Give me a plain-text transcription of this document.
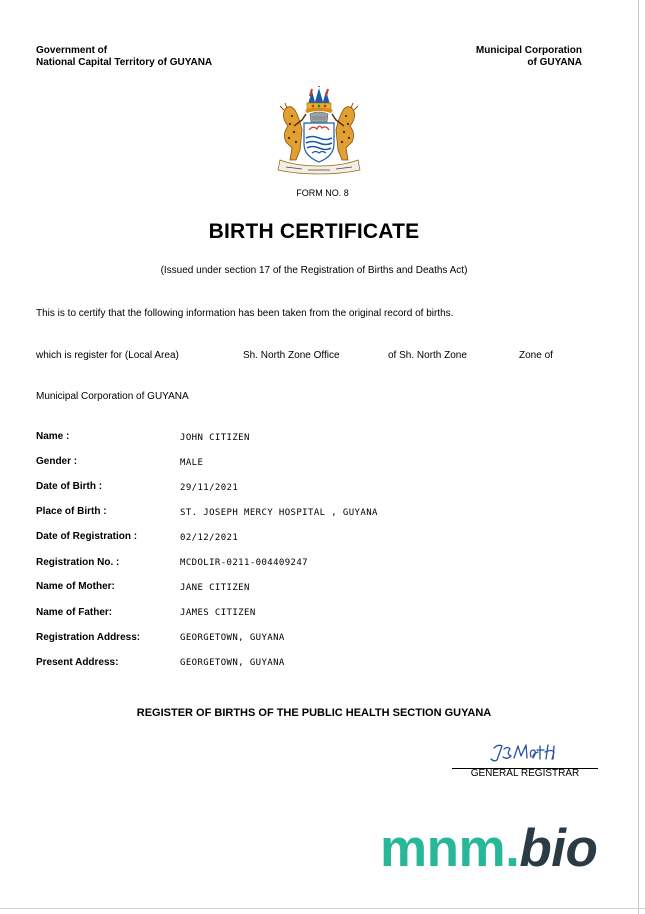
Government of
National Capital Territory of GUYANA
Municipal Corporation
of GUYANA
FORM NO. 8
BIRTH CERTIFICATE
(Issued under section 17 of the Registration of Births and Deaths Act)
This is to certify that the following information has been taken from the original record of births.
which is register for (Local Area)	Sh. North Zone Office	of Sh. North Zone	Zone of
Municipal Corporation of GUYANA
Name :	JOHN CITIZEN
Gender :	MALE
Date of Birth :	29/11/2021
Place of Birth :	ST. JOSEPH MERCY HOSPITAL , GUYANA
Date of Registration :	02/12/2021
Registration No. :	MCDOLIR-0211-004409247
Name of Mother:	JANE CITIZEN
Name of Father:	JAMES CITIZEN
Registration Address:	GEORGETOWN, GUYANA
Present Address:	GEORGETOWN, GUYANA
REGISTER OF BIRTHS OF THE PUBLIC HEALTH SECTION GUYANA
GENERAL REGISTRAR
mnm.bio
